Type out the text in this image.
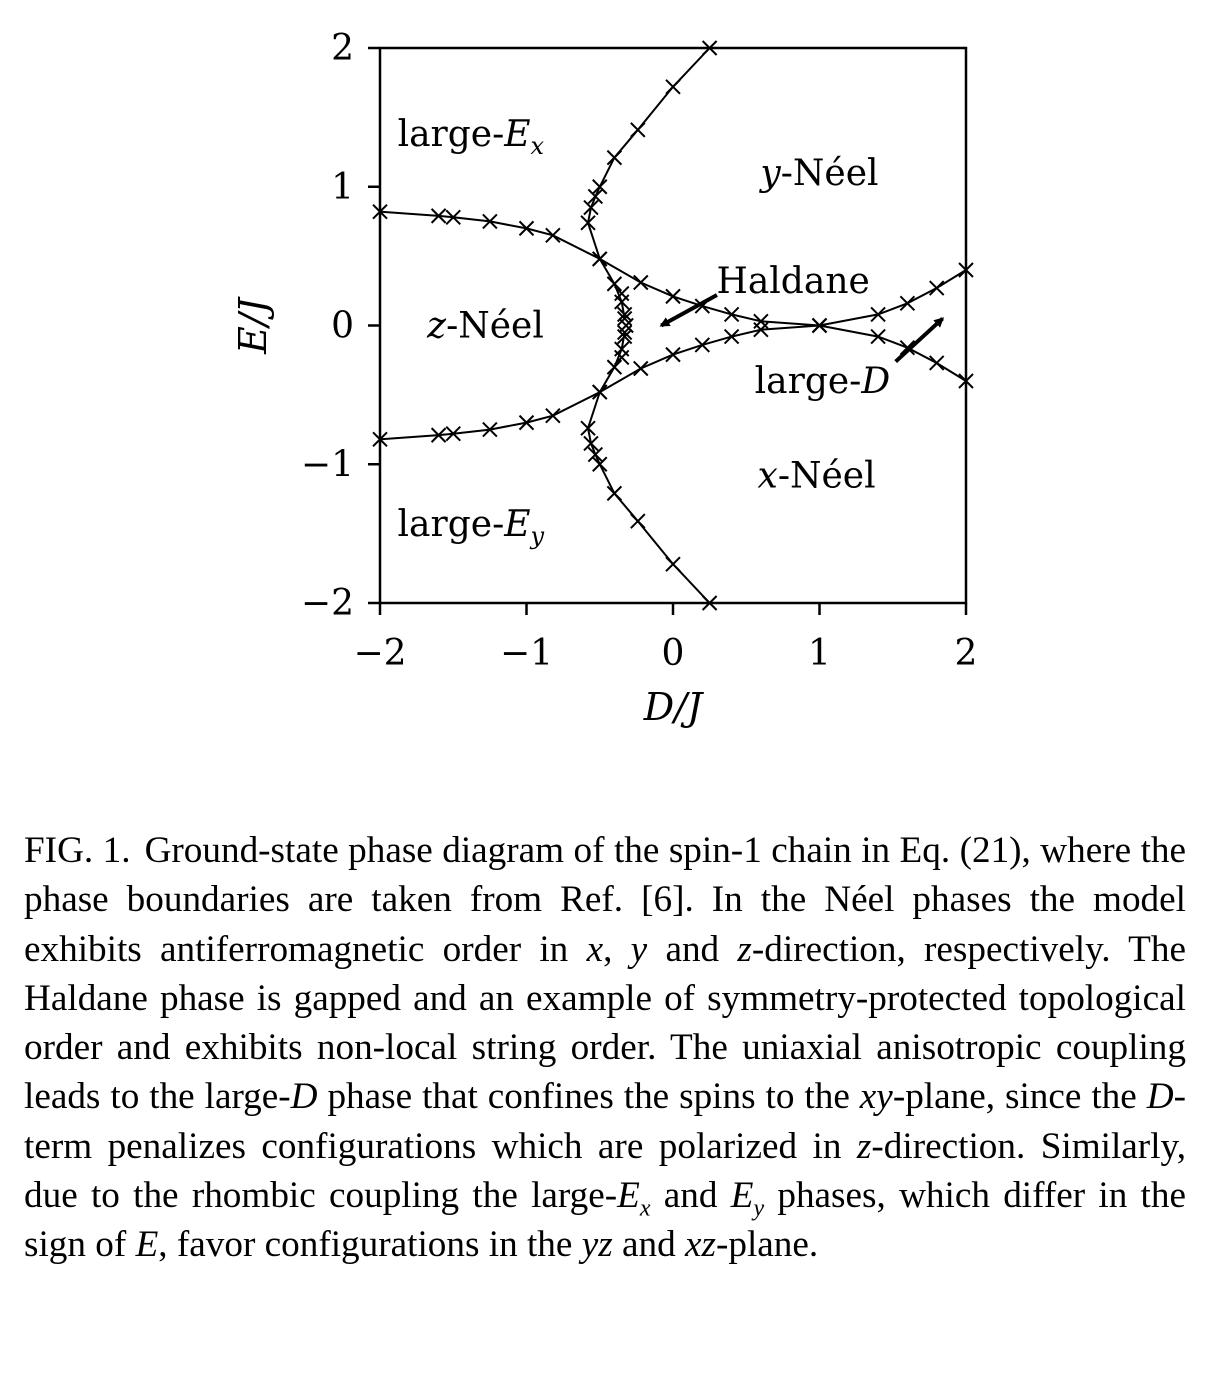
large-$E_x$
y-Néel
z-Néel
Haldane
large-D
x-Néel
large-$E_y$
−2	−1	0	1	2
−2
−1
0
1
2
D/J
E/J
FIG. 1. Ground-state phase diagram of the spin-1 chain in Eq. (21), where the phase boundaries are taken from Ref. [6]. In the Néel phases the model exhibits antiferromagnetic order in x, y and z-direction, respectively. The Haldane phase is gapped and an example of symmetry-protected topological order and exhibits non-local string order. The uniaxial anisotropic coupling leads to the large-D phase that confines the spins to the xy-plane, since the D-term penalizes configurations which are polarized in z-direction. Similarly, due to the rhombic coupling the large-$E_x$ and $E_y$ phases, which differ in the sign of E, favor configurations in the yz and xz-plane.
